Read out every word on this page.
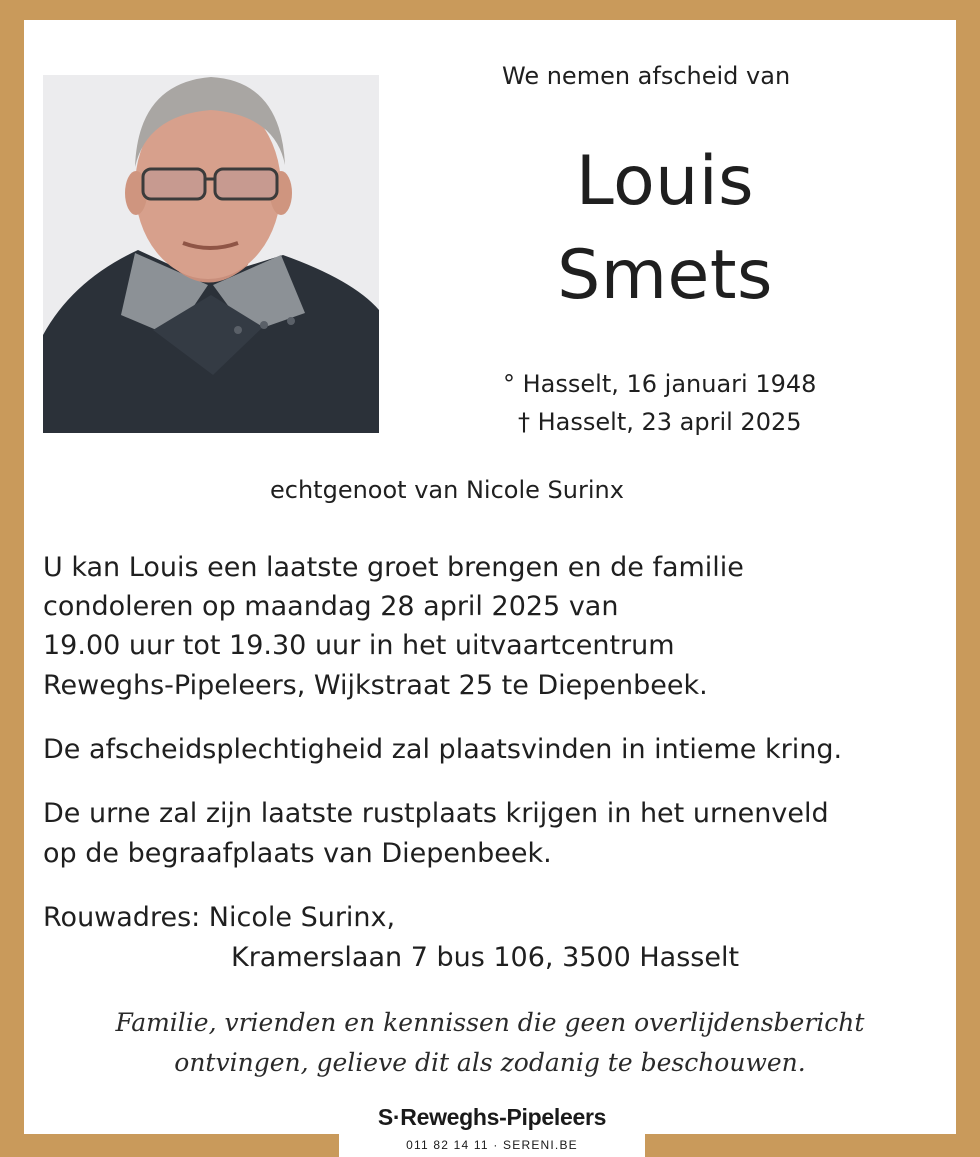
We nemen afscheid van
Louis
Smets
° Hasselt, 16 januari 1948
† Hasselt, 23 april 2025
echtgenoot van Nicole Surinx
U kan Louis een laatste groet brengen en de familie
condoleren op maandag 28 april 2025 van
19.00 uur tot 19.30 uur in het uitvaartcentrum
Reweghs-Pipeleers, Wijkstraat 25 te Diepenbeek.
De afscheidsplechtigheid zal plaatsvinden in intieme kring.
De urne zal zijn laatste rustplaats krijgen in het urnenveld
op de begraafplaats van Diepenbeek.
Rouwadres: Nicole Surinx,
Kramerslaan 7 bus 106, 3500 Hasselt
Familie, vrienden en kennissen die geen overlijdensbericht
ontvingen, gelieve dit als zodanig te beschouwen.
S·Reweghs-Pipeleers
011 82 14 11 · SERENI.BE
